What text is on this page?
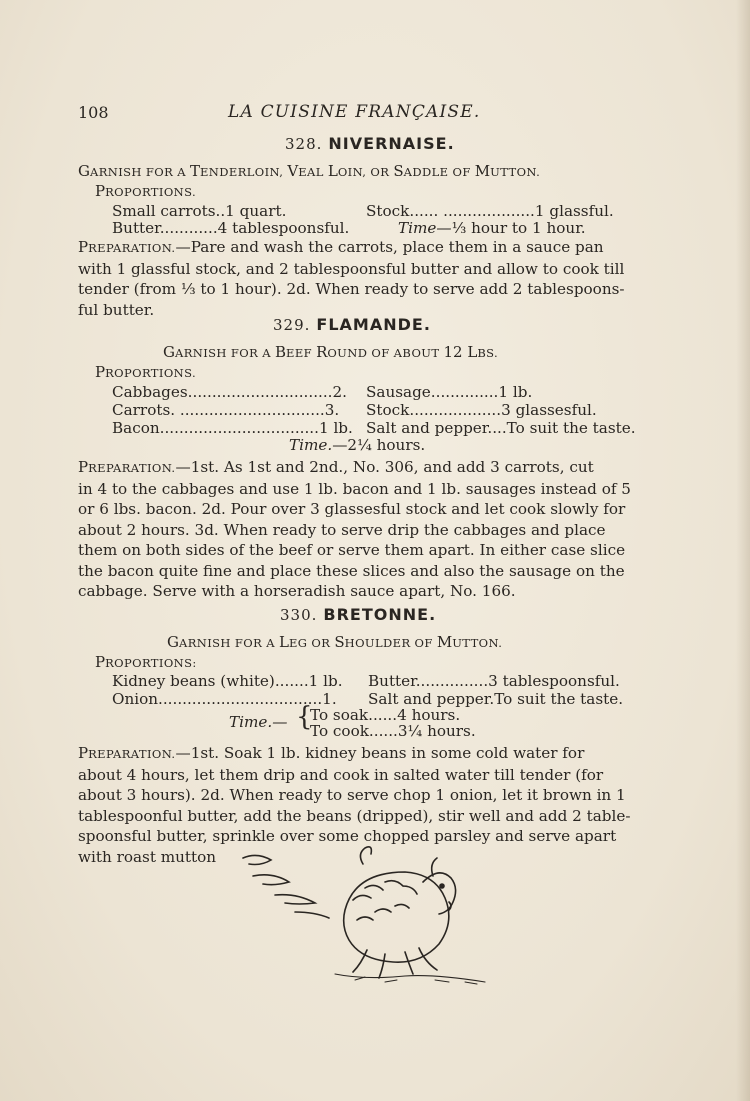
108	LA CUISINE FRANÇAISE.
328. NIVERNAISE.
GARNISH FOR A TENDERLOIN, VEAL LOIN, OR SADDLE OF MUTTON.
PROPORTIONS.
Small carrots..1 quart.	Stock...... ...................1 glassful.
Butter............4 tablespoonsful.	Time—⅓ hour to 1 hour.

PREPARATION.—Pare and wash the carrots, place them in a sauce pan

with 1 glassful stock, and 2 tablespoonsful butter and allow to cook till

tender (from ⅓ to 1 hour). 2d. When ready to serve add 2 tablespoons-

ful butter.

329. FLAMANDE.
GARNISH FOR A BEEF ROUND OF ABOUT 12 LBS.
PROPORTIONS.
Cabbages..............................2. Sausage..............1 lb.
Carrots. ..............................3. Stock...................3 glassesful.
Bacon.................................1 lb. Salt and pepper....To suit the taste.
Time.—2¼ hours.

PREPARATION.—1st. As 1st and 2nd., No. 306, and add 3 carrots, cut

in 4 to the cabbages and use 1 lb. bacon and 1 lb. sausages instead of 5

or 6 lbs. bacon. 2d. Pour over 3 glassesful stock and let cook slowly for

about 2 hours. 3d. When ready to serve drip the cabbages and place

them on both sides of the beef or serve them apart. In either case slice

the bacon quite fine and place these slices and also the sausage on the

cabbage. Serve with a horseradish sauce apart, No. 166.

330. BRETONNE.
GARNISH FOR A LEG OR SHOULDER OF MUTTON.
PROPORTIONS:
Kidney beans (white).......1 lb. Butter...............3 tablespoonsful.
Onion..................................1. Salt and pepper.To suit the taste.
Time.— {
To soak......4 hours.
To cook......3¼ hours.

PREPARATION.—1st. Soak 1 lb. kidney beans in some cold water for

about 4 hours, let them drip and cook in salted water till tender (for

about 3 hours). 2d. When ready to serve chop 1 onion, let it brown in 1

tablespoonful butter, add the beans (dripped), stir well and add 2 table-

spoonsful butter, sprinkle over some chopped parsley and serve apart

with roast mutton
